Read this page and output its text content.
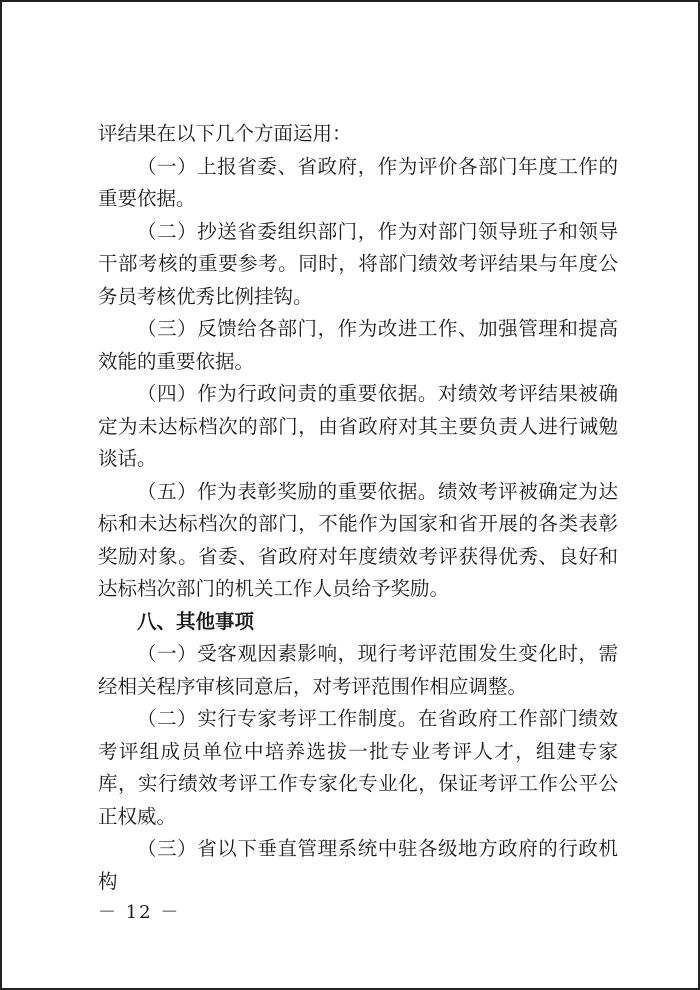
评结果在以下几个方面运用：

（一）上报省委、省政府，作为评价各部门年度工作的重要依据。

（二）抄送省委组织部门，作为对部门领导班子和领导干部考核的重要参考。同时，将部门绩效考评结果与年度公务员考核优秀比例挂钩。

（三）反馈给各部门，作为改进工作、加强管理和提高效能的重要依据。

（四）作为行政问责的重要依据。对绩效考评结果被确定为未达标档次的部门，由省政府对其主要负责人进行诫勉谈话。

（五）作为表彰奖励的重要依据。绩效考评被确定为达标和未达标档次的部门，不能作为国家和省开展的各类表彰奖励对象。省委、省政府对年度绩效考评获得优秀、良好和达标档次部门的机关工作人员给予奖励。

八、其他事项

（一）受客观因素影响，现行考评范围发生变化时，需经相关程序审核同意后，对考评范围作相应调整。

（二）实行专家考评工作制度。在省政府工作部门绩效考评组成员单位中培养选拔一批专业考评人才，组建专家库，实行绩效考评工作专家化专业化，保证考评工作公平公正权威。

（三）省以下垂直管理系统中驻各级地方政府的行政机构

－ 12 －
